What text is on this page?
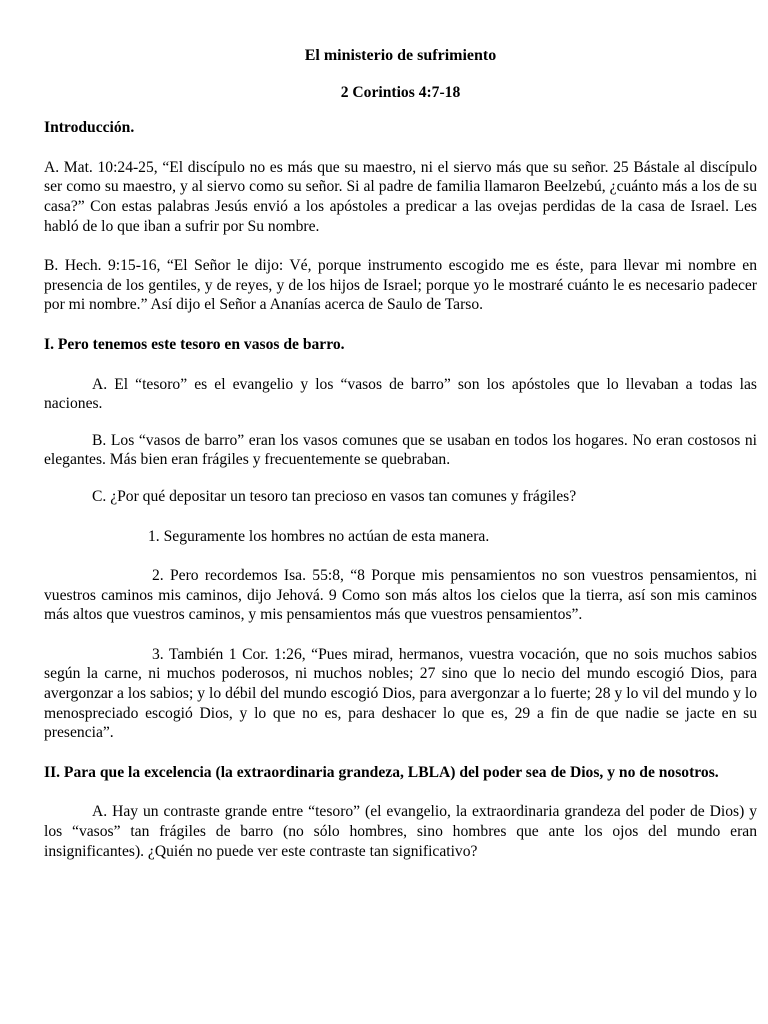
El ministerio de sufrimiento
2 Corintios 4:7-18
Introducción.

A. Mat. 10:24-25, “El discípulo no es más que su maestro, ni el siervo más que su señor. 25 Bástale al discípulo ser como su maestro, y al siervo como su señor. Si al padre de familia llamaron Beelzebú, ¿cuánto más a los de su casa?” Con estas palabras Jesús envió a los apóstoles a predicar a las ovejas perdidas de la casa de Israel. Les habló de lo que iban a sufrir por Su nombre.

B. Hech. 9:15-16, “El Señor le dijo: Vé, porque instrumento escogido me es éste, para llevar mi nombre en presencia de los gentiles, y de reyes, y de los hijos de Israel; porque yo le mostraré cuánto le es necesario padecer por mi nombre.” Así dijo el Señor a Ananías acerca de Saulo de Tarso.

I. Pero tenemos este tesoro en vasos de barro.

A. El “tesoro” es el evangelio y los “vasos de barro” son los apóstoles que lo llevaban a todas las naciones.

B. Los “vasos de barro” eran los vasos comunes que se usaban en todos los hogares. No eran costosos ni elegantes. Más bien eran frágiles y frecuentemente se quebraban.

C. ¿Por qué depositar un tesoro tan precioso en vasos tan comunes y frágiles?

1. Seguramente los hombres no actúan de esta manera.

2. Pero recordemos Isa. 55:8, “8 Porque mis pensamientos no son vuestros pensamientos, ni vuestros caminos mis caminos, dijo Jehová. 9 Como son más altos los cielos que la tierra, así son mis caminos más altos que vuestros caminos, y mis pensamientos más que vuestros pensamientos”.

3. También 1 Cor. 1:26, “Pues mirad, hermanos, vuestra vocación, que no sois muchos sabios según la carne, ni muchos poderosos, ni muchos nobles; 27 sino que lo necio del mundo escogió Dios, para avergonzar a los sabios; y lo débil del mundo escogió Dios, para avergonzar a lo fuerte; 28 y lo vil del mundo y lo menospreciado escogió Dios, y lo que no es, para deshacer lo que es, 29 a fin de que nadie se jacte en su presencia”.

II. Para que la excelencia (la extraordinaria grandeza, LBLA) del poder sea de Dios, y no de nosotros.

A. Hay un contraste grande entre “tesoro” (el evangelio, la extraordinaria grandeza del poder de Dios) y los “vasos” tan frágiles de barro (no sólo hombres, sino hombres que ante los ojos del mundo eran insignificantes). ¿Quién no puede ver este contraste tan significativo?
